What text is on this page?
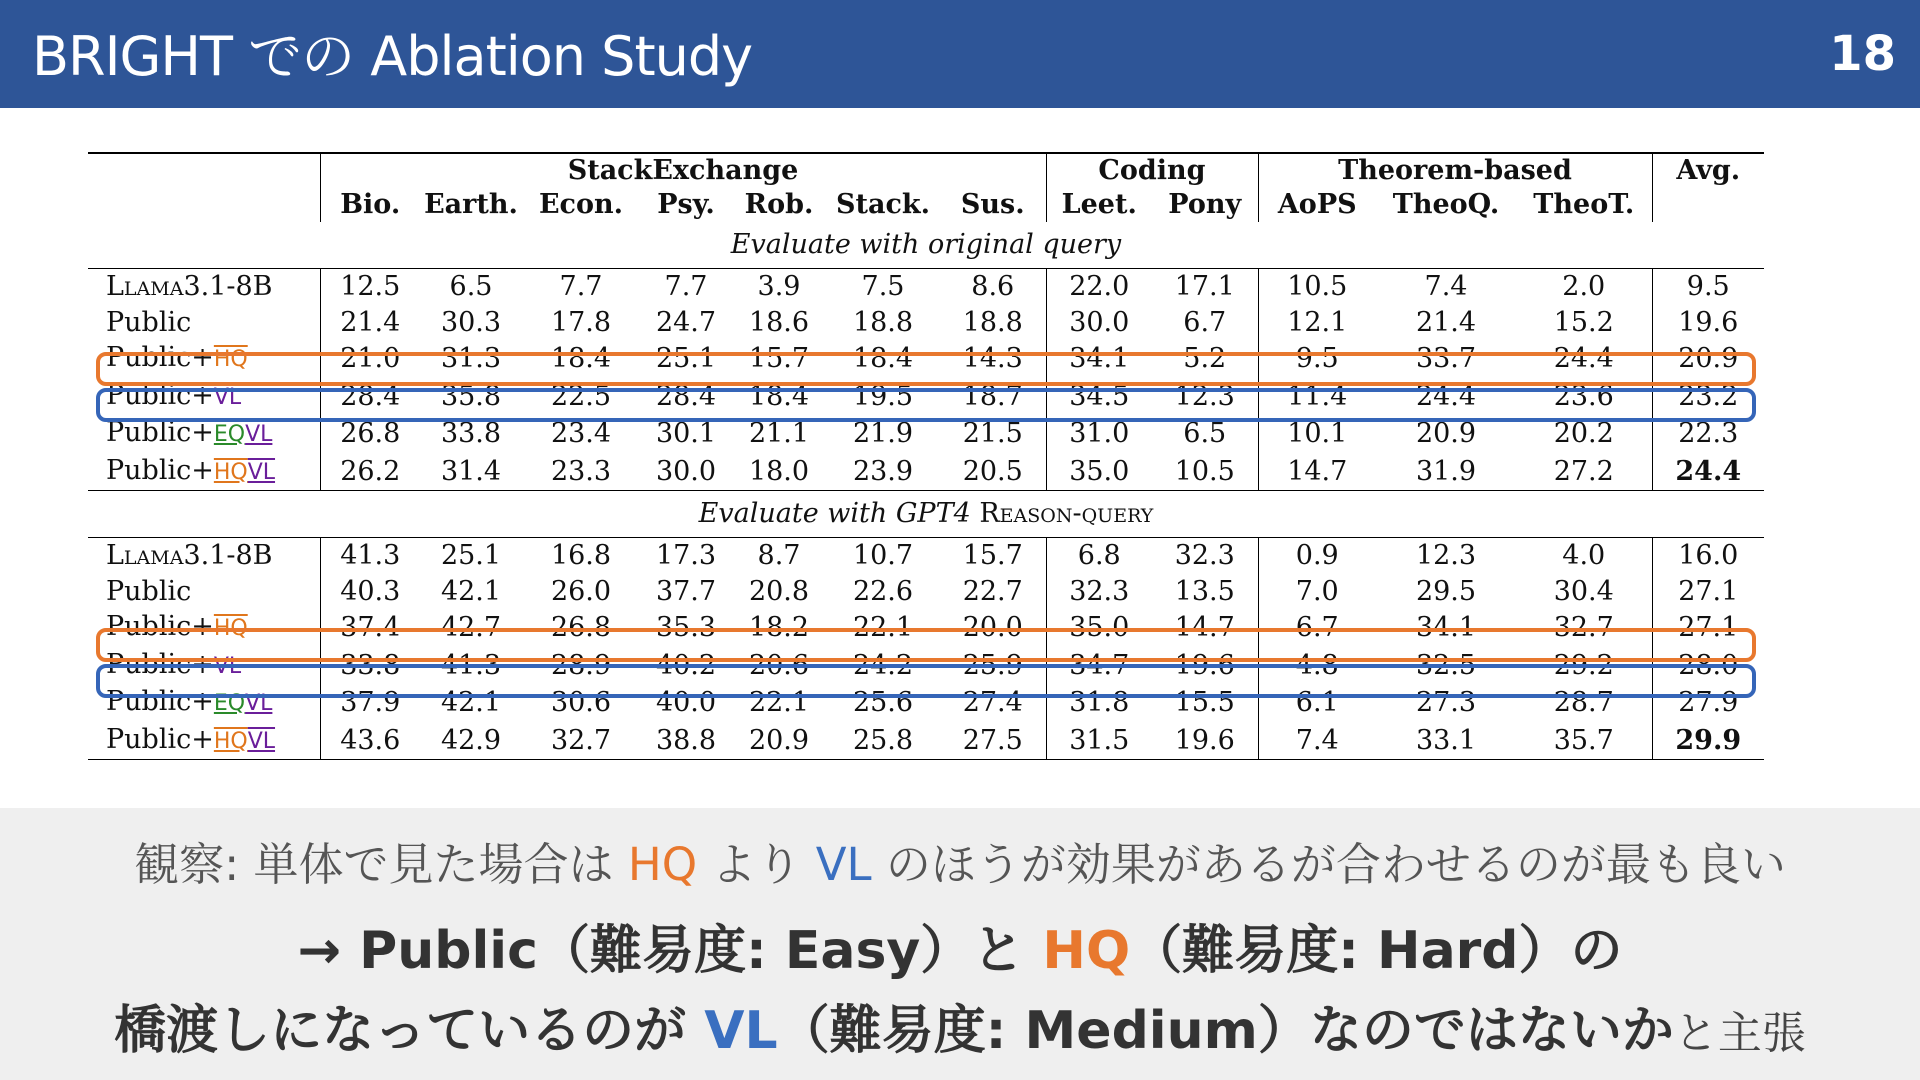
BRIGHT での Ablation Study	18
	StackExchange							Coding		Theorem-based			Avg.
	Bio.	Earth.	Econ.	Psy.	Rob.	Stack.	Sus.	Leet.	Pony	AoPS	TheoQ.	TheoT.	
Evaluate with original query													
Llama3.1-8B	12.5	6.5	7.7	7.7	3.9	7.5	8.6	22.0	17.1	10.5	7.4	2.0	9.5
Public	21.4	30.3	17.8	24.7	18.6	18.8	18.8	30.0	6.7	12.1	21.4	15.2	19.6
$Public+\overline{HQ}$	21.0	31.3	18.4	25.1	15.7	18.4	14.3	34.1	5.2	9.5	33.7	24.4	20.9
Public+VL	28.4	35.8	22.5	28.4	18.4	19.5	18.7	34.5	12.3	11.4	24.4	23.6	23.2
Public+EQVL	26.8	33.8	23.4	30.1	21.1	21.9	21.5	31.0	6.5	10.1	20.9	20.2	22.3
Public+HQVL	26.2	31.4	23.3	30.0	18.0	23.9	20.5	35.0	10.5	14.7	31.9	27.2	24.4
Evaluate with GPT4 Reason-query													
Llama3.1-8B	41.3	25.1	16.8	17.3	8.7	10.7	15.7	6.8	32.3	0.9	12.3	4.0	16.0
Public	40.3	42.1	26.0	37.7	20.8	22.6	22.7	32.3	13.5	7.0	29.5	30.4	27.1
$Public+\overline{HQ}$	37.4	42.7	26.8	35.3	18.2	22.1	20.0	35.0	14.7	6.7	34.1	32.7	27.1
Public+VL	33.8	41.3	28.9	40.2	20.6	24.2	25.9	34.7	19.6	4.8	32.5	29.2	28.0
Public+EQVL	37.9	42.1	30.6	40.0	22.1	25.6	27.4	31.8	15.5	6.1	27.3	28.7	27.9
Public+HQVL	43.6	42.9	32.7	38.8	20.9	25.8	27.5	31.5	19.6	7.4	33.1	35.7	29.9
観察: 単体で見た場合は HQ より VL のほうが効果があるが合わせるのが最も良い
→ Public（難易度: Easy）と HQ（難易度: Hard）の
橋渡しになっているのが VL（難易度: Medium）なのではないかと主張
